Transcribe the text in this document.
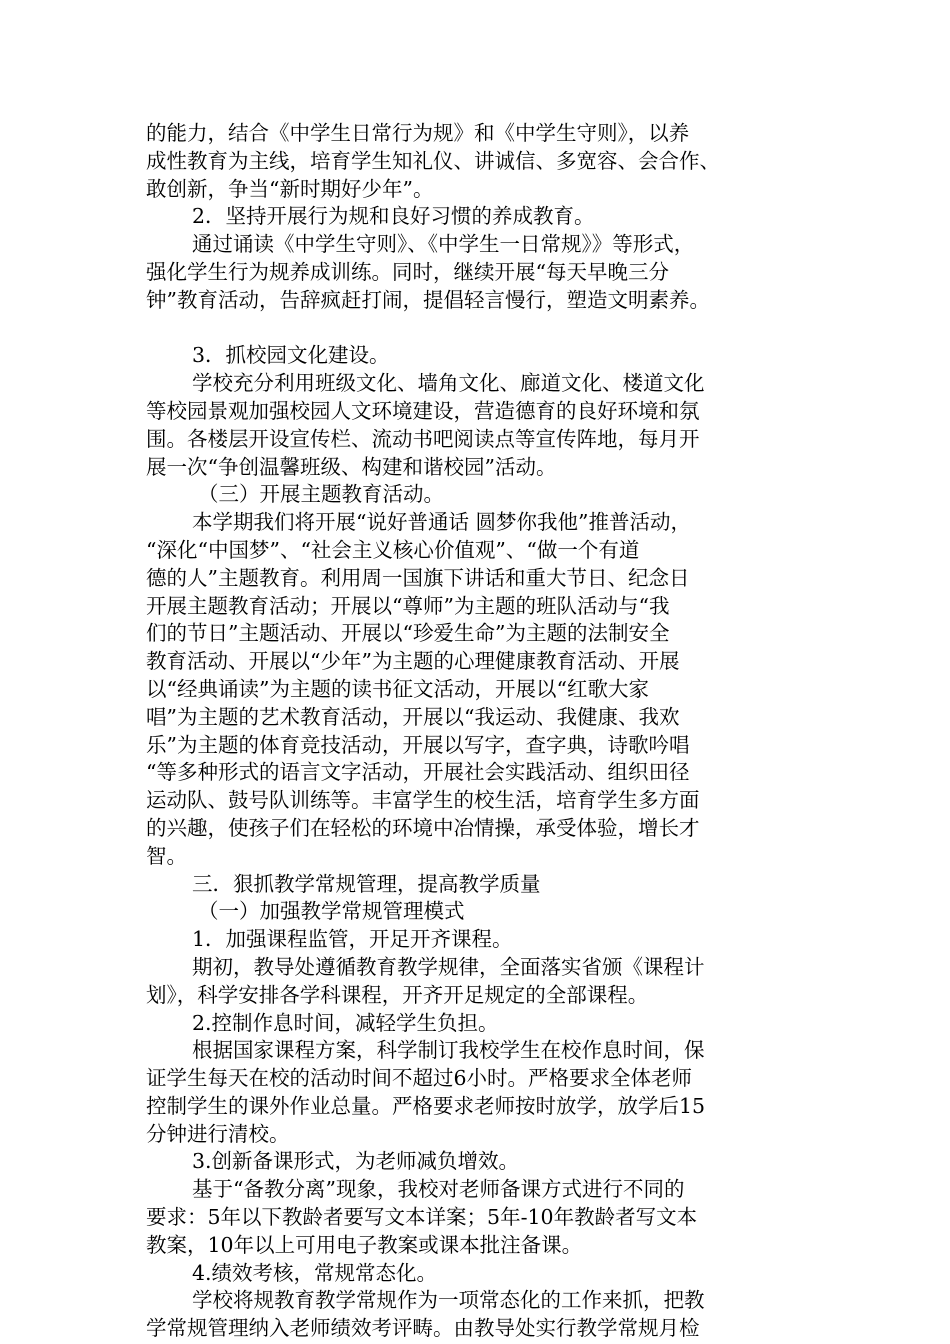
的能力，结合《中学生日常行为规》和《中学生守则》，以养
成性教育为主线，培育学生知礼仪、讲诚信、多宽容、会合作、
敢创新，争当“新时期好少年”。
2．坚持开展行为规和良好习惯的养成教育。
通过诵读《中学生守则》、《中学生一日常规》》等形式，
强化学生行为规养成训练。同时，继续开展“每天早晚三分
钟”教育活动，告辞疯赶打闹，提倡轻言慢行，塑造文明素养。
3．抓校园文化建设。
学校充分利用班级文化、墙角文化、廊道文化、楼道文化
等校园景观加强校园人文环境建设，营造德育的良好环境和氛
围。各楼层开设宣传栏、流动书吧阅读点等宣传阵地，每月开
展一次“争创温馨班级、构建和谐校园”活动。
（三）开展主题教育活动。
本学期我们将开展“说好普通话 圆梦你我他”推普活动，
“深化“中国梦”、“社会主义核心价值观”、“做一个有道
德的人”主题教育。利用周一国旗下讲话和重大节日、纪念日
开展主题教育活动；开展以“尊师”为主题的班队活动与“我
们的节日”主题活动、开展以“珍爱生命”为主题的法制安全
教育活动、开展以“少年”为主题的心理健康教育活动、开展
以“经典诵读”为主题的读书征文活动，开展以“红歌大家
唱”为主题的艺术教育活动，开展以“我运动、我健康、我欢
乐”为主题的体育竞技活动，开展以写字，查字典，诗歌吟唱
“等多种形式的语言文字活动，开展社会实践活动、组织田径
运动队、鼓号队训练等。丰富学生的校生活，培育学生多方面
的兴趣，使孩子们在轻松的环境中冶情操，承受体验，增长才
智。
三．狠抓教学常规管理，提高教学质量
（一）加强教学常规管理模式
1．加强课程监管，开足开齐课程。
期初，教导处遵循教育教学规律，全面落实省颁《课程计
划》，科学安排各学科课程，开齐开足规定的全部课程。
2.控制作息时间，减轻学生负担。
根据国家课程方案，科学制订我校学生在校作息时间，保
证学生每天在校的活动时间不超过6小时。严格要求全体老师
控制学生的课外作业总量。严格要求老师按时放学，放学后15
分钟进行清校。
3.创新备课形式，为老师减负增效。
基于“备教分离”现象，我校对老师备课方式进行不同的
要求：5年以下教龄者要写文本详案；5年-10年教龄者写文本
教案，10年以上可用电子教案或课本批注备课。
4.绩效考核，常规常态化。
学校将规教育教学常规作为一项常态化的工作来抓，把教
学常规管理纳入老师绩效考评畴。由教导处实行教学常规月检
